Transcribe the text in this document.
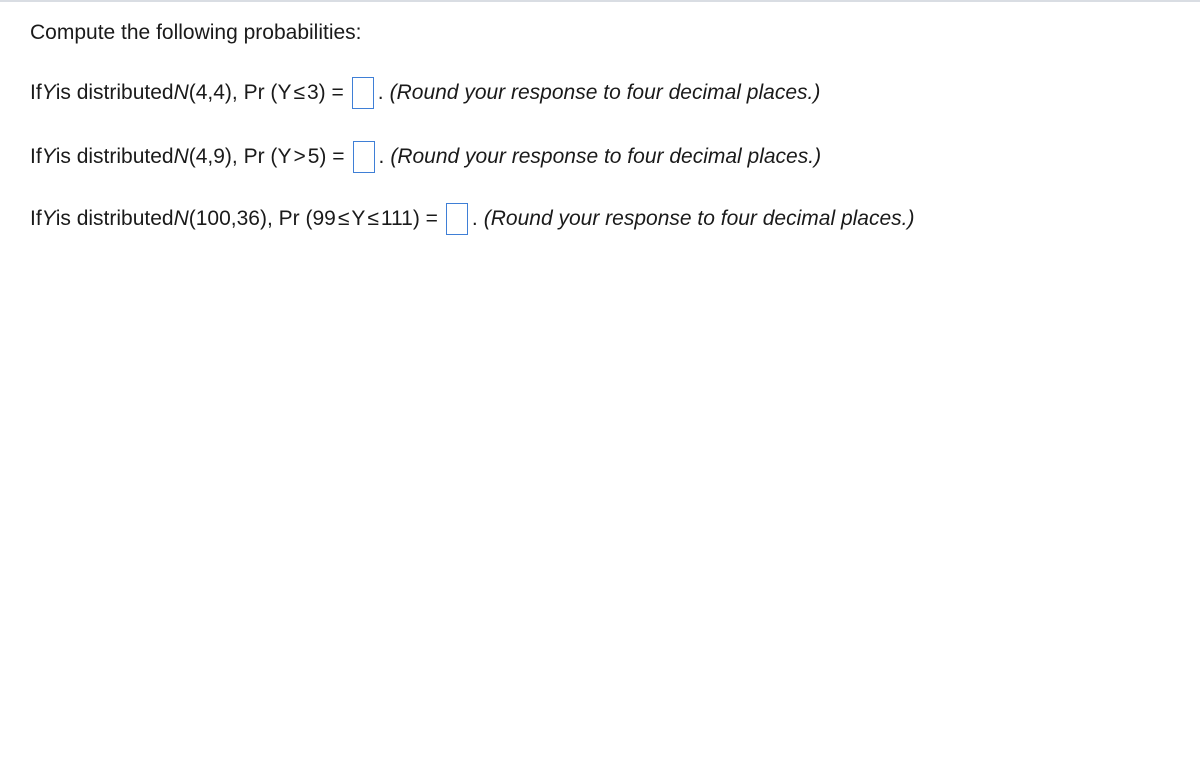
Compute the following probabilities:
If Y is distributed N (4,4), Pr ( Y ≤ 3) = . (Round your response to four decimal places.)
If Y is distributed N (4,9), Pr ( Y > 5) = . (Round your response to four decimal places.)
If Y is distributed N (100,36), Pr (99 ≤ Y ≤ 111) = . (Round your response to four decimal places.)
